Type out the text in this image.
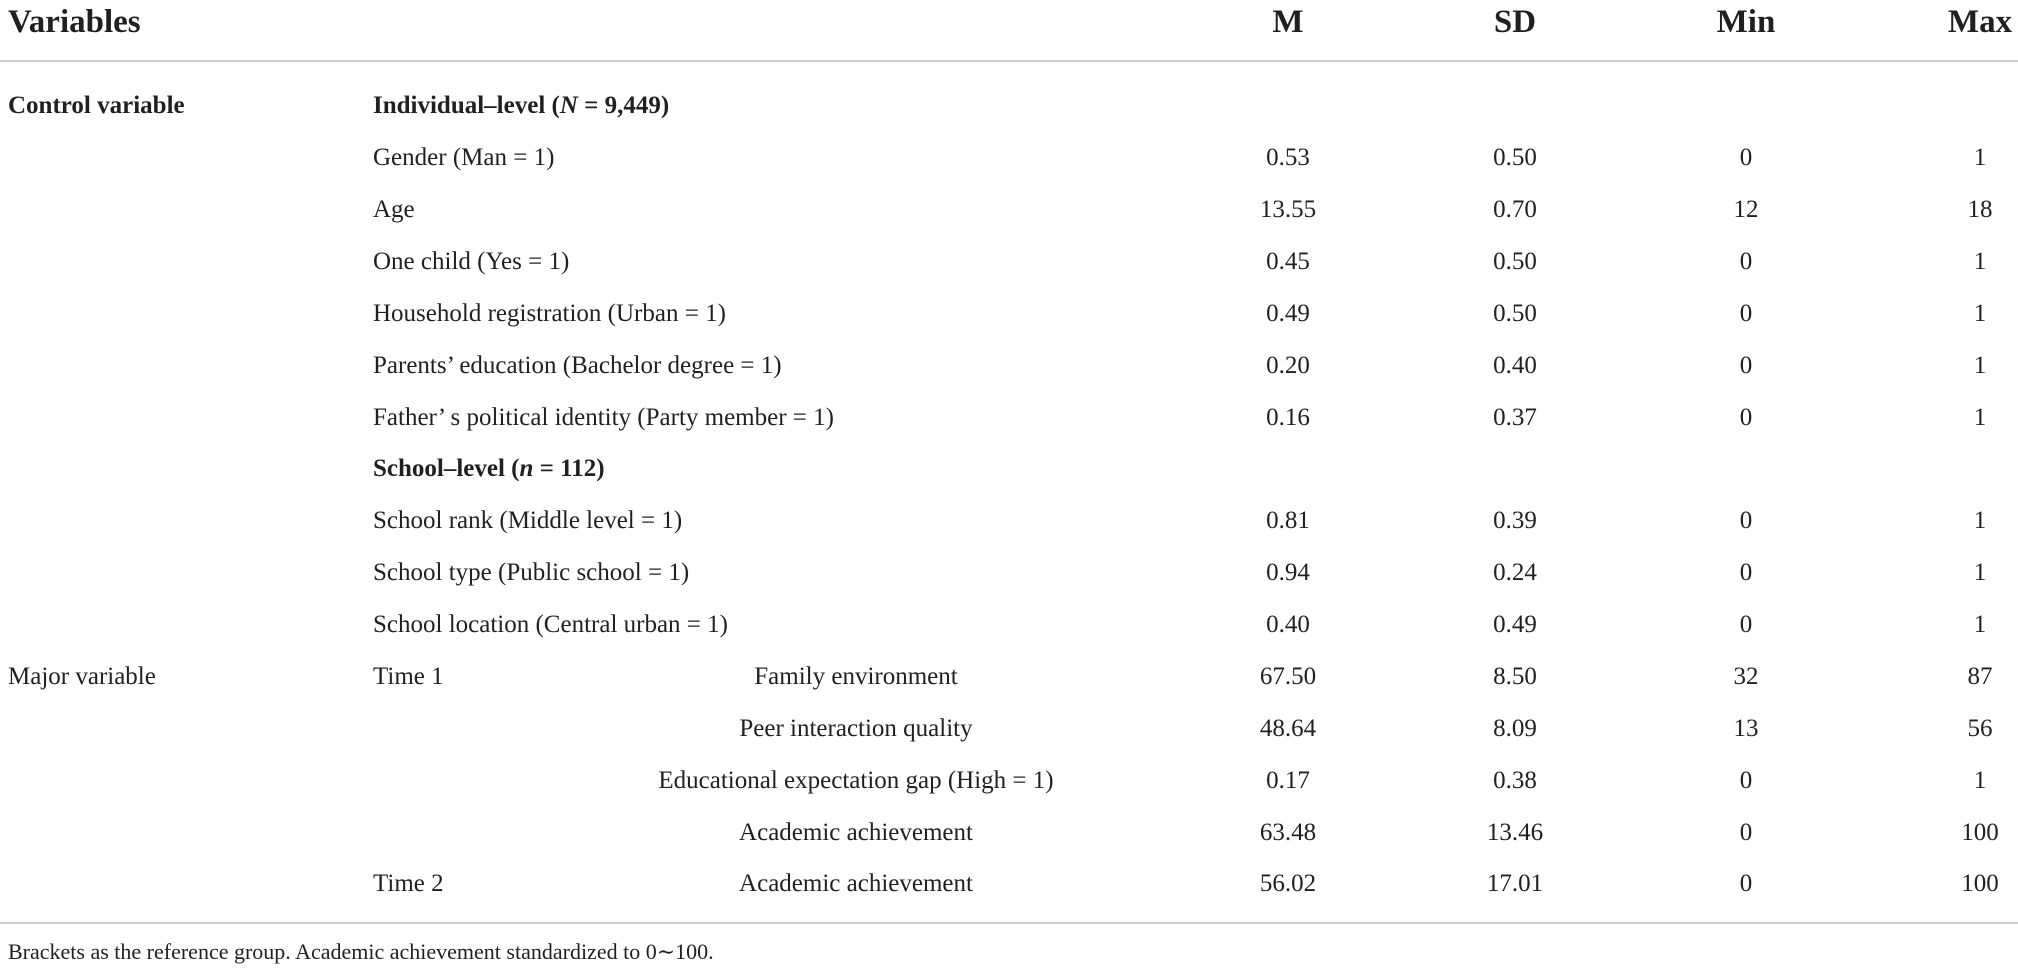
Variables	M	SD	Min	Max
Control variable	Individual–level (N = 9,449)
Gender (Man = 1)	0.53	0.50	0	1
Age	13.55	0.70	12	18
One child (Yes = 1)	0.45	0.50	0	1
Household registration (Urban = 1)	0.49	0.50	0	1
Parents’ education (Bachelor degree = 1)	0.20	0.40	0	1
Father’ s political identity (Party member = 1)	0.16	0.37	0	1
School–level (n = 112)
School rank (Middle level = 1)	0.81	0.39	0	1
School type (Public school = 1)	0.94	0.24	0	1
School location (Central urban = 1)	0.40	0.49	0	1
Major variable	Time 1	Family environment	67.50	8.50	32	87
Peer interaction quality	48.64	8.09	13	56
Educational expectation gap (High = 1)	0.17	0.38	0	1
Academic achievement	63.48	13.46	0	100
Time 2	Academic achievement	56.02	17.01	0	100
Brackets as the reference group. Academic achievement standardized to 0∼100.
